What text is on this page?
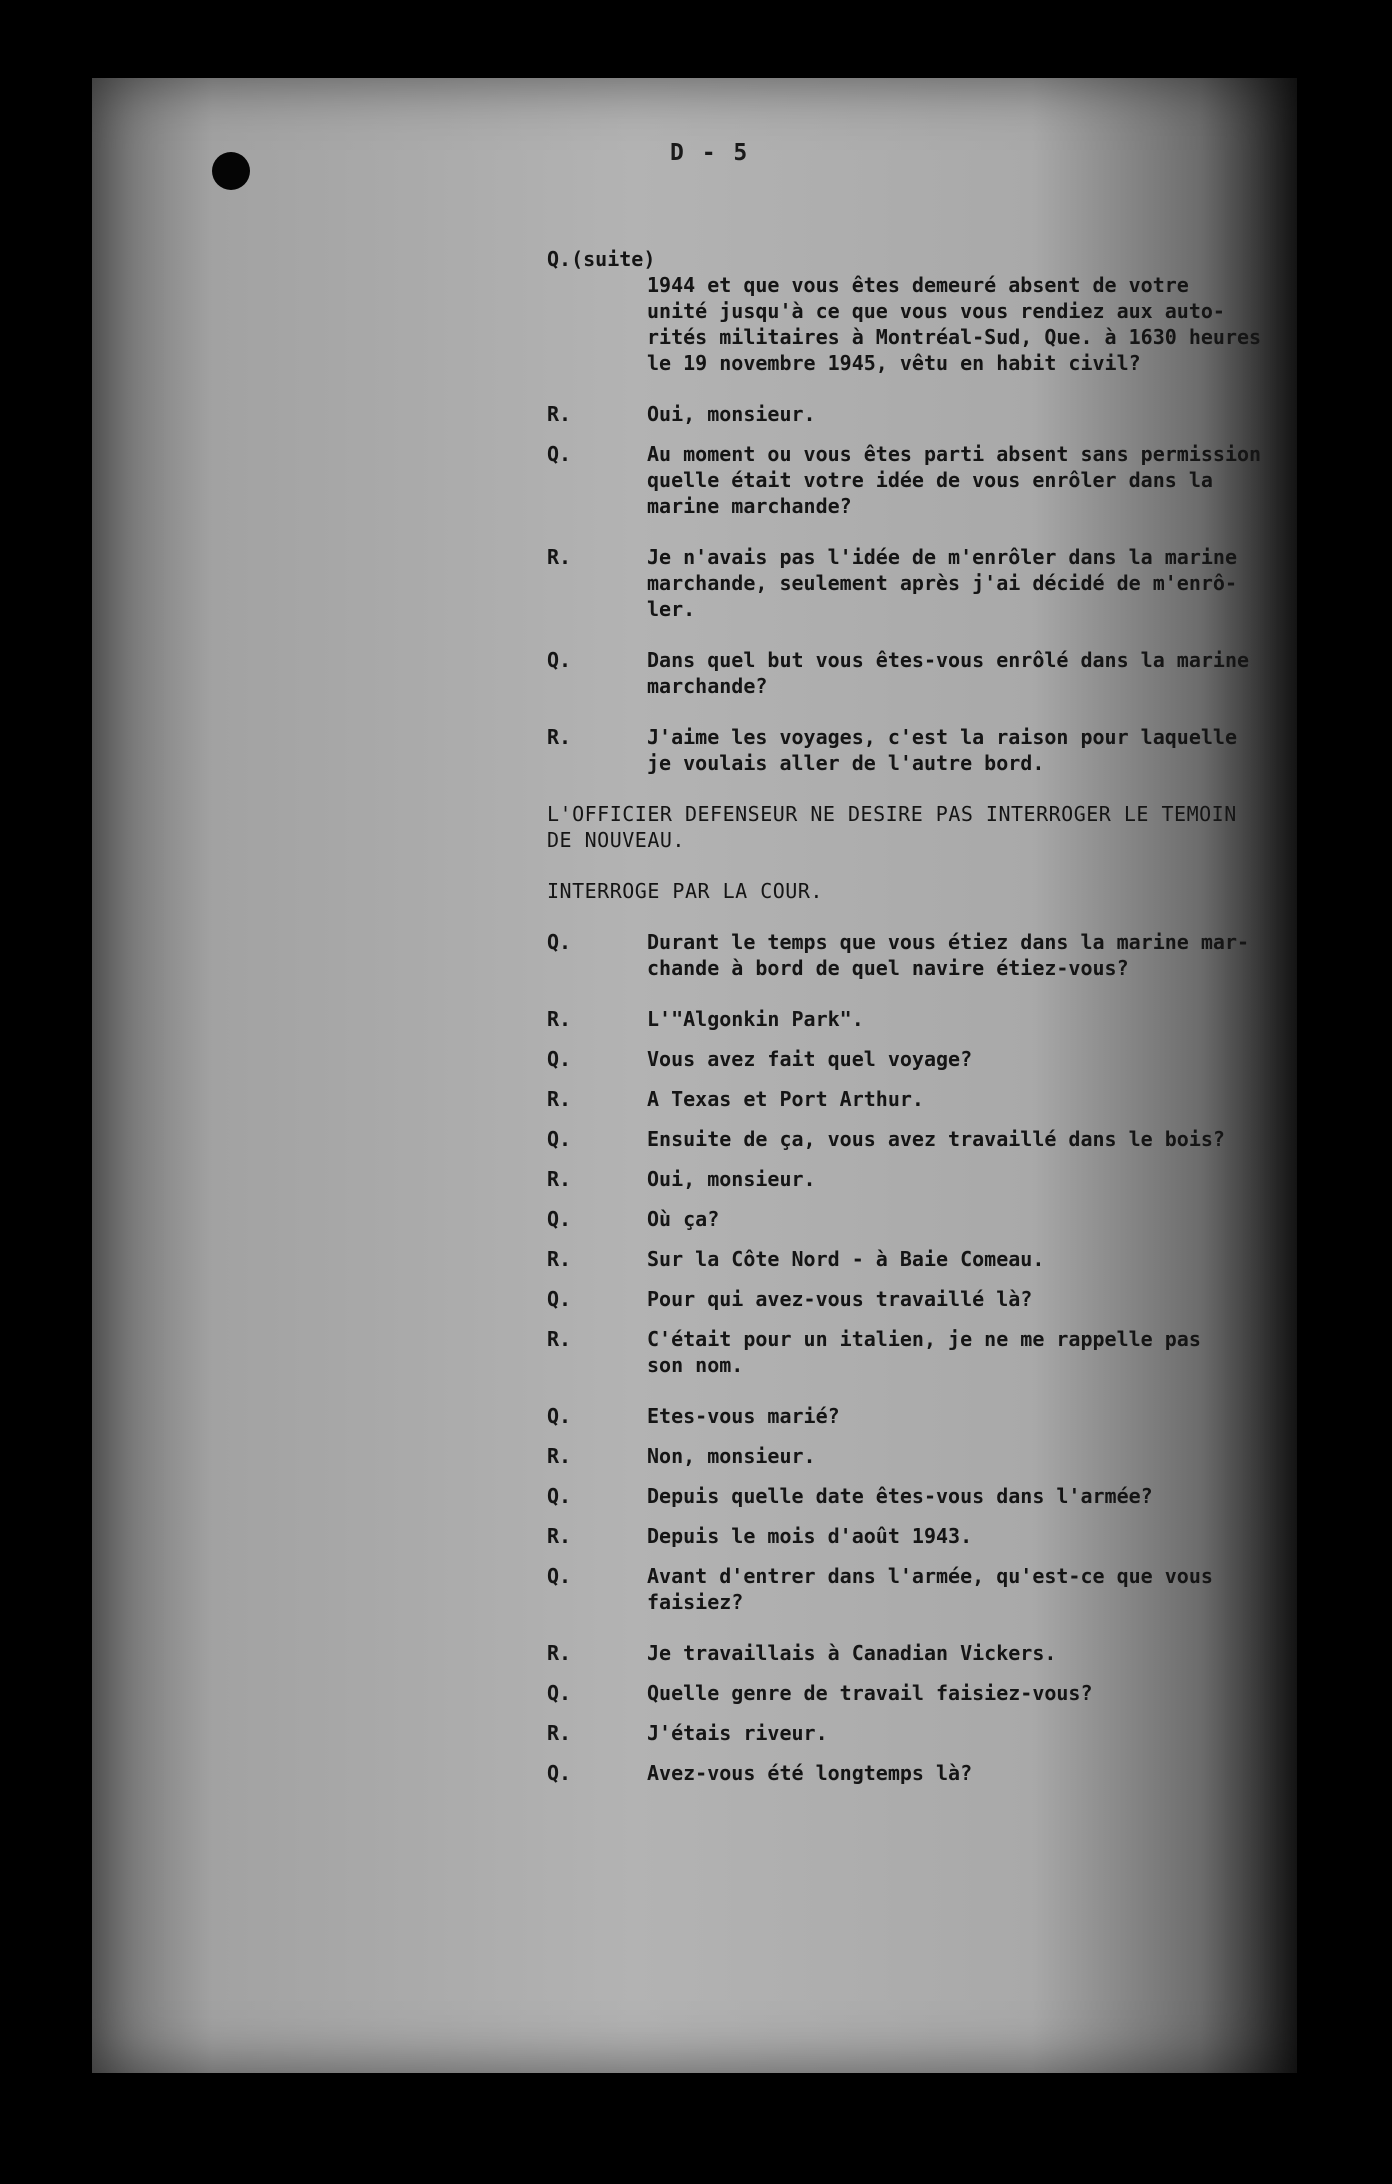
D - 5
Q.(suite)
1944 et que vous êtes demeuré absent de votre
unité jusqu'à ce que vous vous rendiez aux auto-
rités militaires à Montréal-Sud, Que. à 1630 heures
le 19 novembre 1945, vêtu en habit civil?
R.	Oui, monsieur.
Q.	Au moment ou vous êtes parti absent sans permission
quelle était votre idée de vous enrôler dans la
marine marchande?
R.	Je n'avais pas l'idée de m'enrôler dans la marine
marchande, seulement après j'ai décidé de m'enrô-
ler.
Q.	Dans quel but vous êtes-vous enrôlé dans la marine
marchande?
R.	J'aime les voyages, c'est la raison pour laquelle
je voulais aller de l'autre bord.
L'OFFICIER DEFENSEUR NE DESIRE PAS INTERROGER LE TEMOIN
DE NOUVEAU.
INTERROGE PAR LA COUR.
Q.	Durant le temps que vous étiez dans la marine mar-
chande à bord de quel navire étiez-vous?
R.	L'"Algonkin Park".
Q.	Vous avez fait quel voyage?
R.	A Texas et Port Arthur.
Q.	Ensuite de ça, vous avez travaillé dans le bois?
R.	Oui, monsieur.
Q.	Où ça?
R.	Sur la Côte Nord - à Baie Comeau.
Q.	Pour qui avez-vous travaillé là?
R.	C'était pour un italien, je ne me rappelle pas
son nom.
Q.	Etes-vous marié?
R.	Non, monsieur.
Q.	Depuis quelle date êtes-vous dans l'armée?
R.	Depuis le mois d'août 1943.
Q.	Avant d'entrer dans l'armée, qu'est-ce que vous
faisiez?
R.	Je travaillais à Canadian Vickers.
Q.	Quelle genre de travail faisiez-vous?
R.	J'étais riveur.
Q.	Avez-vous été longtemps là?
